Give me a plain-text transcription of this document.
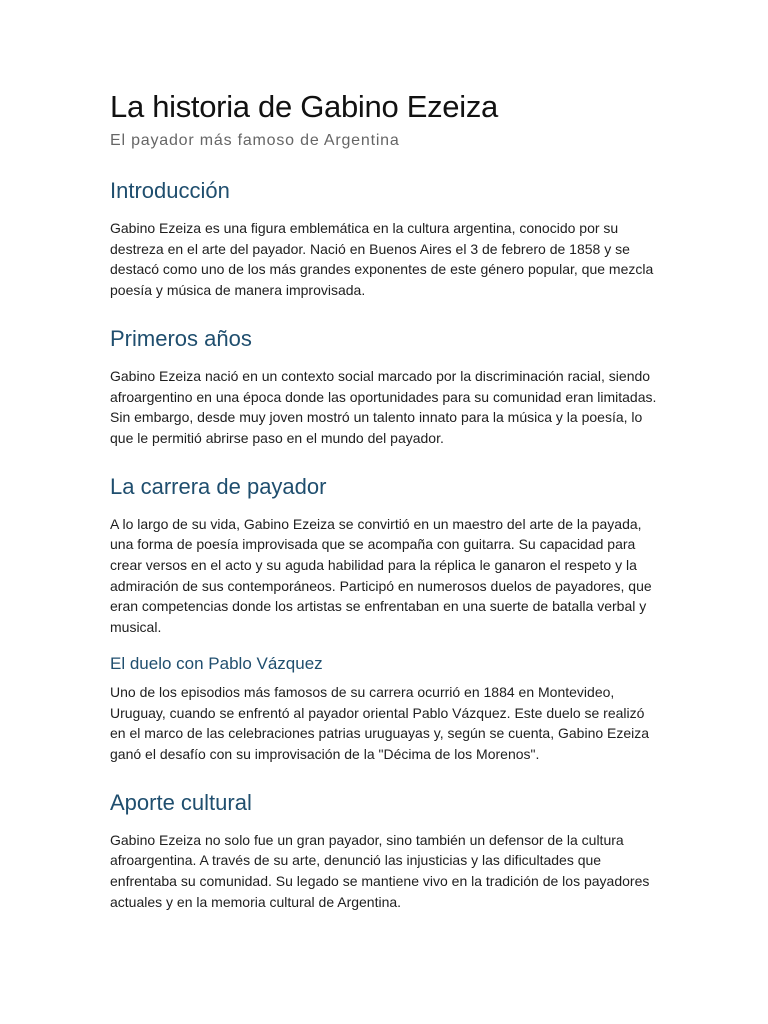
La historia de Gabino Ezeiza
El payador más famoso de Argentina
Introducción

Gabino Ezeiza es una figura emblemática en la cultura argentina, conocido por su destreza en el arte del payador. Nació en Buenos Aires el 3 de febrero de 1858 y se destacó como uno de los más grandes exponentes de este género popular, que mezcla poesía y música de manera improvisada.

Primeros años

Gabino Ezeiza nació en un contexto social marcado por la discriminación racial, siendo afroargentino en una época donde las oportunidades para su comunidad eran limitadas. Sin embargo, desde muy joven mostró un talento innato para la música y la poesía, lo que le permitió abrirse paso en el mundo del payador.

La carrera de payador

A lo largo de su vida, Gabino Ezeiza se convirtió en un maestro del arte de la payada, una forma de poesía improvisada que se acompaña con guitarra. Su capacidad para crear versos en el acto y su aguda habilidad para la réplica le ganaron el respeto y la admiración de sus contemporáneos. Participó en numerosos duelos de payadores, que eran competencias donde los artistas se enfrentaban en una suerte de batalla verbal y musical.

El duelo con Pablo Vázquez

Uno de los episodios más famosos de su carrera ocurrió en 1884 en Montevideo, Uruguay, cuando se enfrentó al payador oriental Pablo Vázquez. Este duelo se realizó en el marco de las celebraciones patrias uruguayas y, según se cuenta, Gabino Ezeiza ganó el desafío con su improvisación de la "Décima de los Morenos".

Aporte cultural

Gabino Ezeiza no solo fue un gran payador, sino también un defensor de la cultura afroargentina. A través de su arte, denunció las injusticias y las dificultades que enfrentaba su comunidad. Su legado se mantiene vivo en la tradición de los payadores actuales y en la memoria cultural de Argentina.
